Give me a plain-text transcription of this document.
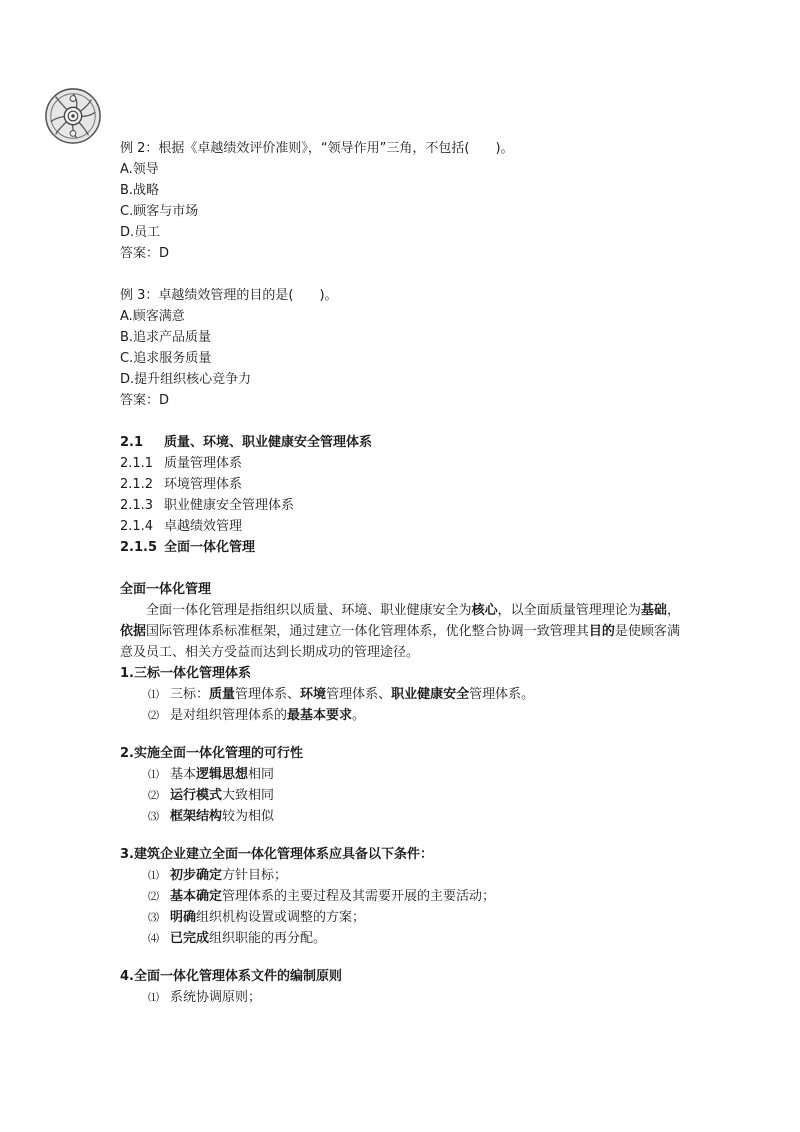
例 2：根据《卓越绩效评价准则》，“领导作用”三角，不包括(　　)。
A.领导
B.战略
C.顾客与市场
D.员工
答案：D
例 3：卓越绩效管理的目的是(　　)。
A.顾客满意
B.追求产品质量
C.追求服务质量
D.提升组织核心竞争力
答案：D
2.1 质量、环境、职业健康安全管理体系
2.1.1 质量管理体系
2.1.2 环境管理体系
2.1.3 职业健康安全管理体系
2.1.4 卓越绩效管理
2.1.5 全面一体化管理
全面一体化管理
全面一体化管理是指组织以质量、环境、职业健康安全为核心，以全面质量管理理论为基础，依据国际管理体系标准框架，通过建立一体化管理体系，优化整合协调一致管理其目的是使顾客满意及员工、相关方受益而达到长期成功的管理途径。
1.三标一体化管理体系
⑴ 三标：质量管理体系、环境管理体系、职业健康安全管理体系。
⑵ 是对组织管理体系的最基本要求。
2.实施全面一体化管理的可行性
⑴ 基本逻辑思想相同
⑵ 运行模式大致相同
⑶ 框架结构较为相似
3.建筑企业建立全面一体化管理体系应具备以下条件：
⑴ 初步确定方针目标；
⑵ 基本确定管理体系的主要过程及其需要开展的主要活动；
⑶ 明确组织机构设置或调整的方案；
⑷ 已完成组织职能的再分配。
4.全面一体化管理体系文件的编制原则
⑴ 系统协调原则；
